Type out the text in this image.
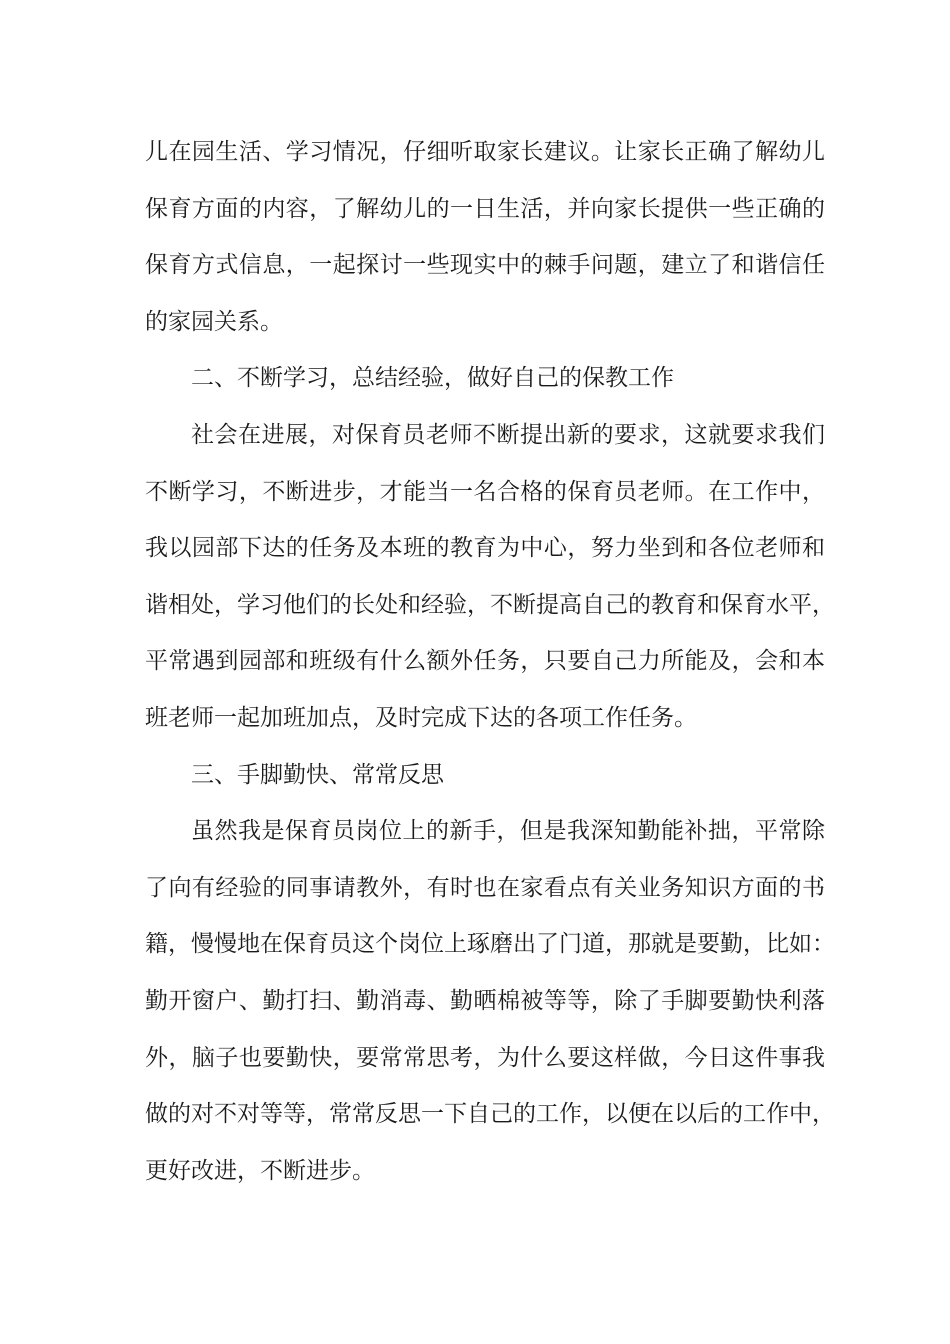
儿在园生活、学习情况，仔细听取家长建议。让家长正确了解幼儿
保育方面的内容，了解幼儿的一日生活，并向家长提供一些正确的
保育方式信息，一起探讨一些现实中的棘手问题，建立了和谐信任
的家园关系。
二、不断学习，总结经验，做好自己的保教工作
社会在进展，对保育员老师不断提出新的要求，这就要求我们
不断学习，不断进步，才能当一名合格的保育员老师。在工作中，
我以园部下达的任务及本班的教育为中心，努力坐到和各位老师和
谐相处，学习他们的长处和经验，不断提高自己的教育和保育水平，
平常遇到园部和班级有什么额外任务，只要自己力所能及，会和本
班老师一起加班加点，及时完成下达的各项工作任务。
三、手脚勤快、常常反思
虽然我是保育员岗位上的新手，但是我深知勤能补拙，平常除
了向有经验的同事请教外，有时也在家看点有关业务知识方面的书
籍，慢慢地在保育员这个岗位上琢磨出了门道，那就是要勤，比如：
勤开窗户、勤打扫、勤消毒、勤晒棉被等等，除了手脚要勤快利落
外，脑子也要勤快，要常常思考，为什么要这样做，今日这件事我
做的对不对等等，常常反思一下自己的工作，以便在以后的工作中，
更好改进，不断进步。
